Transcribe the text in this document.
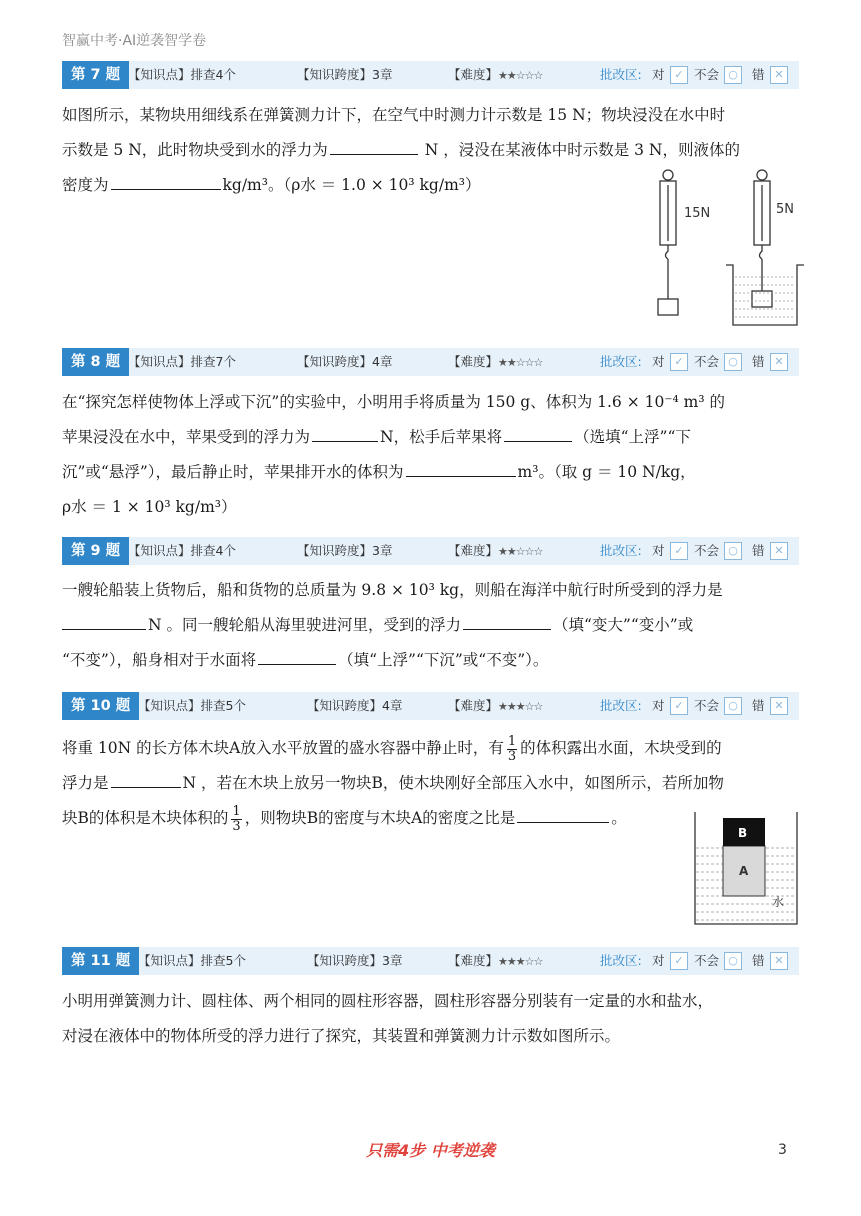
智赢中考·AI逆袭智学卷
第 7 题 【知识点】排查4个	【知识跨度】3章	【难度】★★☆☆☆	批改区: 对 ✓ 不会 ○	错 ✕

如图所示，某物块用细线系在弹簧测力计下，在空气中时测力计示数是 15 N；物块浸没在水中时

示数是 5 N，此时物块受到水的浮力为	N ，浸没在某液体中时示数是 3 N，则液体的

密度为	kg/m³。（ρ水 ＝ 1.0 × 10³ kg/m³）

15N	5N
第 8 题 【知识点】排查7个	【知识跨度】4章	【难度】★★☆☆☆	批改区: 对 ✓ 不会 ○	错 ✕

在“探究怎样使物体上浮或下沉”的实验中，小明用手将质量为 150 g、体积为 1.6 × 10⁻⁴ m³ 的

苹果浸没在水中，苹果受到的浮力为	N，松手后苹果将	（选填“上浮”“下

沉”或“悬浮”），最后静止时，苹果排开水的体积为	m³。（取 g ＝ 10 N/kg，

ρ水 ＝ 1 × 10³ kg/m³）

第 9 题 【知识点】排查4个	【知识跨度】3章	【难度】★★☆☆☆	批改区: 对 ✓ 不会 ○	错 ✕

一艘轮船装上货物后，船和货物的总质量为 9.8 × 10³ kg，则船在海洋中航行时所受到的浮力是

N 。同一艘轮船从海里驶进河里，受到的浮力	（填“变大”“变小”或

“不变”），船身相对于水面将	（填“上浮”“下沉”或“不变”）。

第 10 题 【知识点】排查5个	【知识跨度】4章	【难度】★★★☆☆	批改区: 对 ✓ 不会 ○	错 ✕

将重 10N 的长方体木块A放入水平放置的盛水容器中静止时，有 $\frac{1}{3}$ 的体积露出水面，木块受到的

浮力是	N ，若在木块上放另一物块B，使木块刚好全部压入水中，如图所示，若所加物

块B的体积是木块体积的 $\frac{1}{3}$ ，则物块B的密度与木块A的密度之比是	。

B
A
水
第 11 题 【知识点】排查5个	【知识跨度】3章	【难度】★★★☆☆	批改区: 对 ✓ 不会 ○	错 ✕

小明用弹簧测力计、圆柱体、两个相同的圆柱形容器，圆柱形容器分别装有一定量的水和盐水，

对浸在液体中的物体所受的浮力进行了探究，其装置和弹簧测力计示数如图所示。

只需4步 中考逆袭	3
